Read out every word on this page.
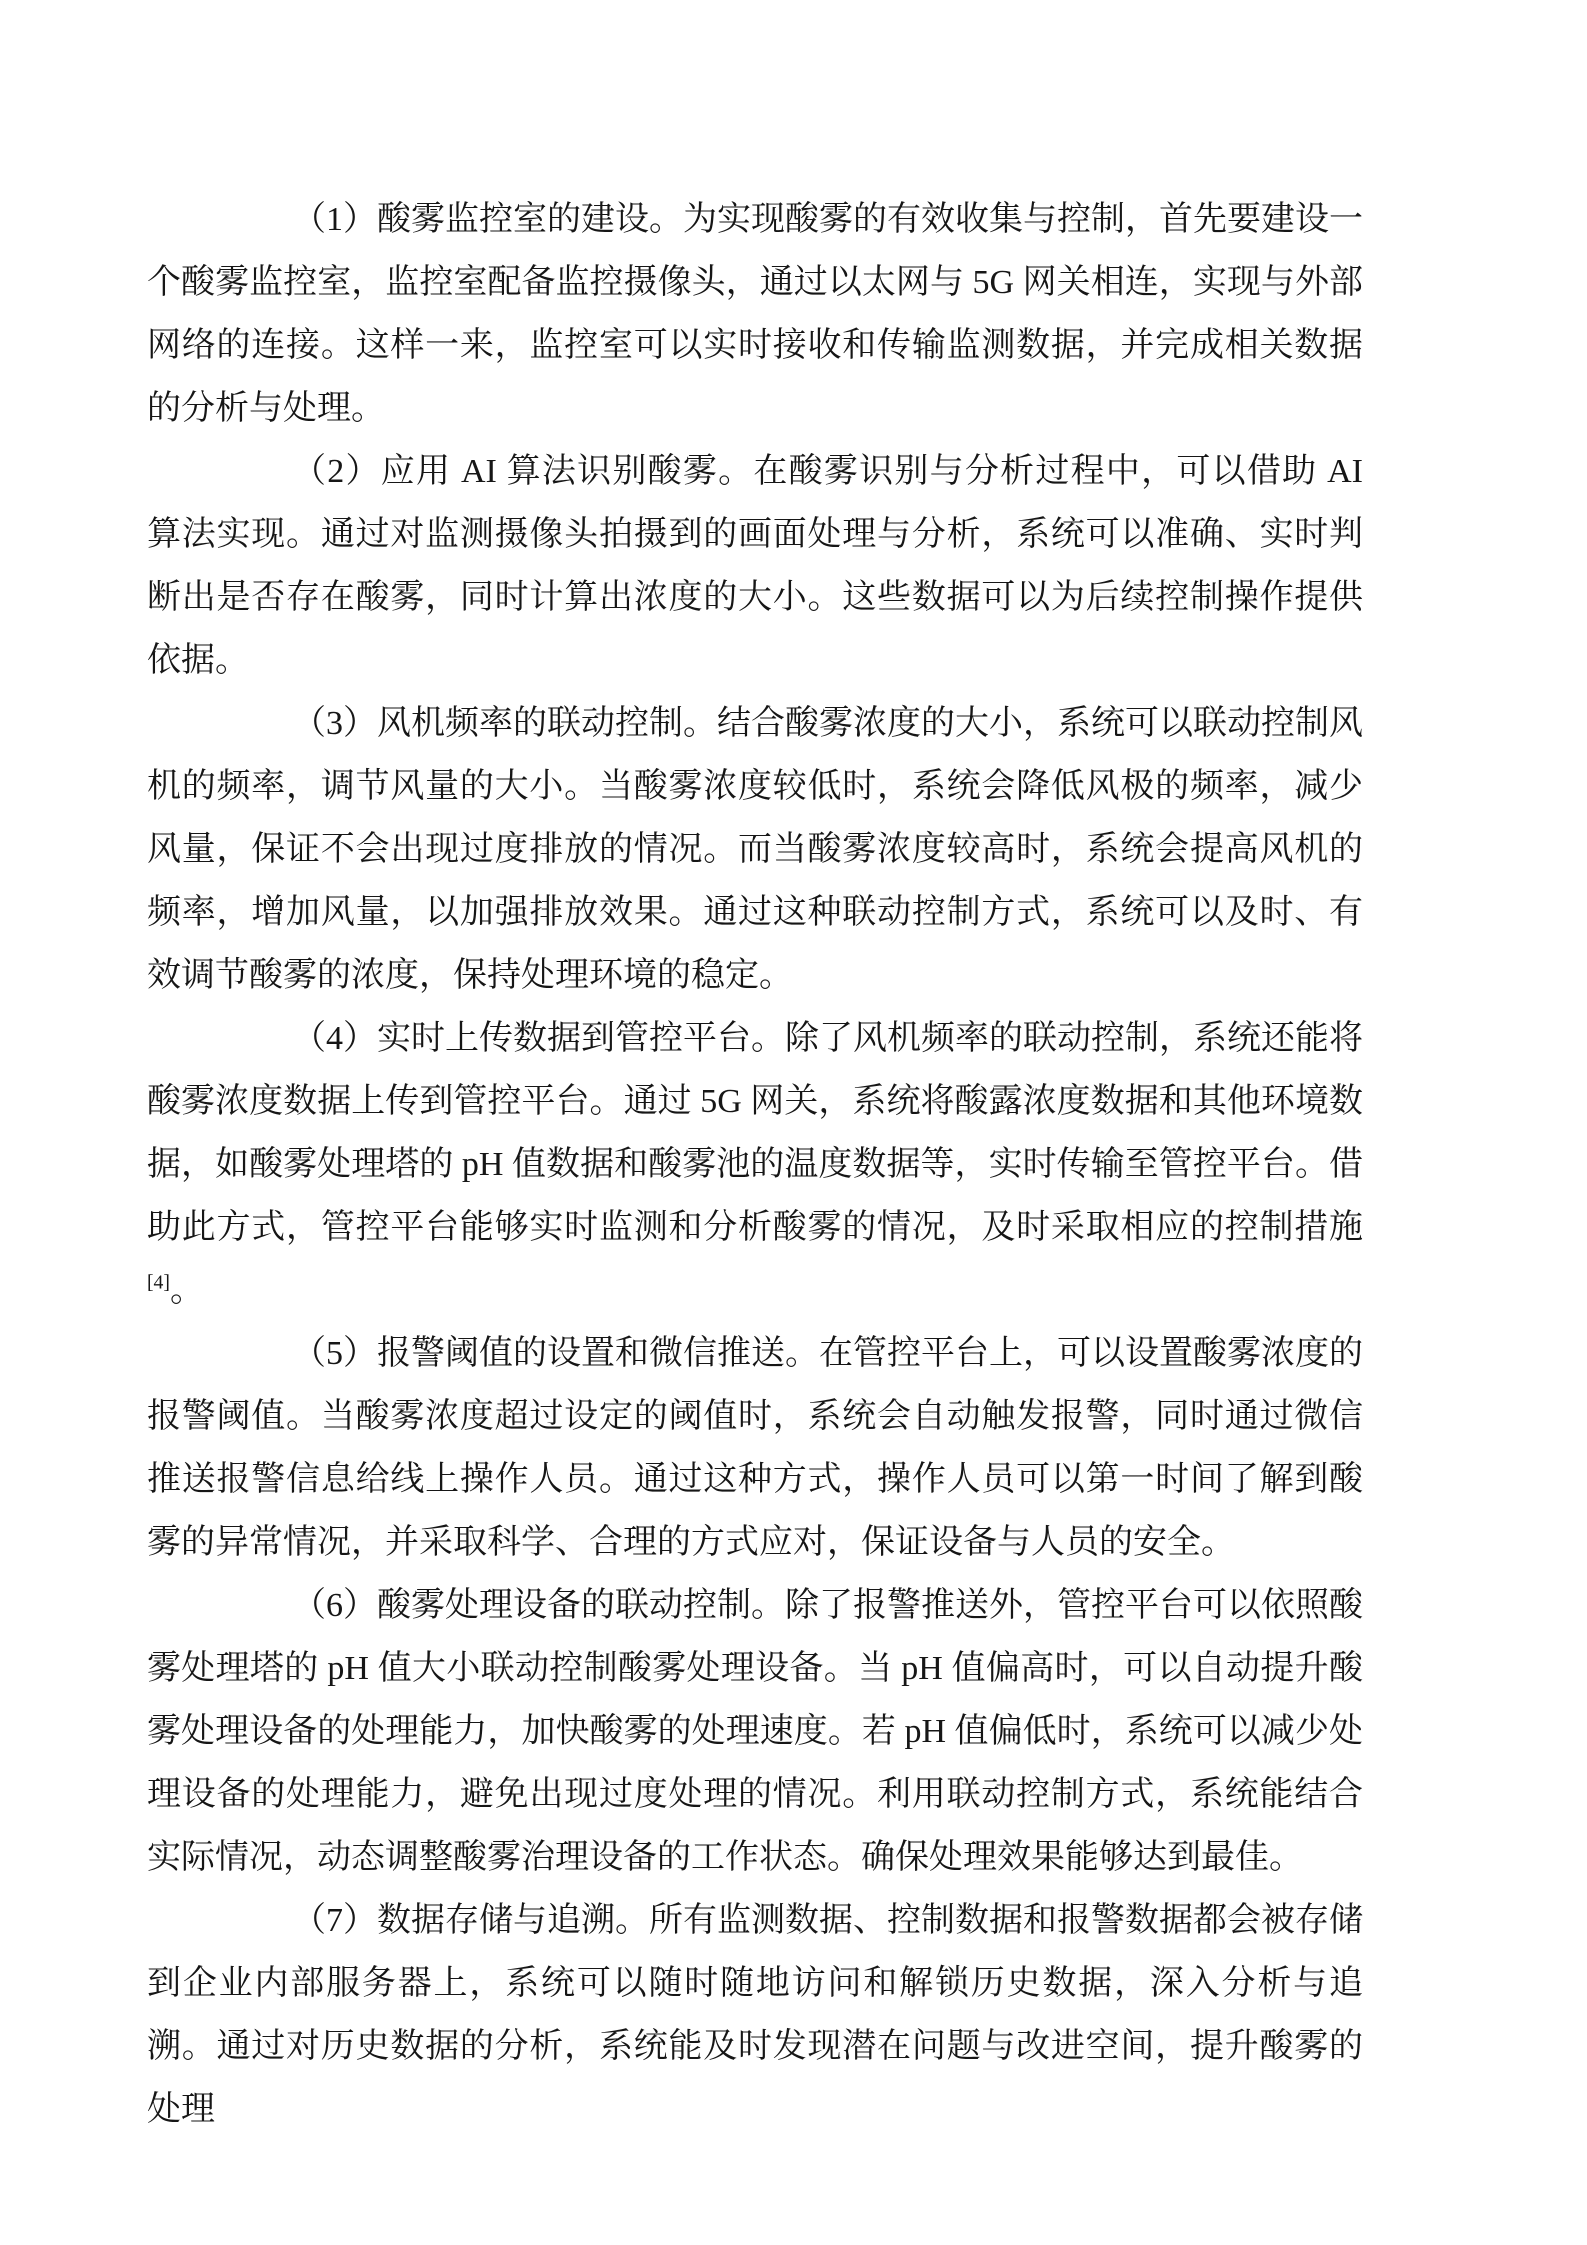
（1）酸雾监控室的建设。为实现酸雾的有效收集与控制，首先要建设一个酸雾监控室，监控室配备监控摄像头，通过以太网与 5G 网关相连，实现与外部网络的连接。这样一来，监控室可以实时接收和传输监测数据，并完成相关数据的分析与处理。

（2）应用 AI 算法识别酸雾。在酸雾识别与分析过程中，可以借助 AI 算法实现。通过对监测摄像头拍摄到的画面处理与分析，系统可以准确、实时判断出是否存在酸雾，同时计算出浓度的大小。这些数据可以为后续控制操作提供依据。

（3）风机频率的联动控制。结合酸雾浓度的大小，系统可以联动控制风机的频率，调节风量的大小。当酸雾浓度较低时，系统会降低风极的频率，减少风量，保证不会出现过度排放的情况。而当酸雾浓度较高时，系统会提高风机的频率，增加风量，以加强排放效果。通过这种联动控制方式，系统可以及时、有效调节酸雾的浓度，保持处理环境的稳定。

（4）实时上传数据到管控平台。除了风机频率的联动控制，系统还能将酸雾浓度数据上传到管控平台。通过 5G 网关，系统将酸露浓度数据和其他环境数据，如酸雾处理塔的 pH 值数据和酸雾池的温度数据等，实时传输至管控平台。借助此方式，管控平台能够实时监测和分析酸雾的情况，及时采取相应的控制措施[4]。

（5）报警阈值的设置和微信推送。在管控平台上，可以设置酸雾浓度的报警阈值。当酸雾浓度超过设定的阈值时，系统会自动触发报警，同时通过微信推送报警信息给线上操作人员。通过这种方式，操作人员可以第一时间了解到酸雾的异常情况，并采取科学、合理的方式应对，保证设备与人员的安全。

（6）酸雾处理设备的联动控制。除了报警推送外，管控平台可以依照酸雾处理塔的 pH 值大小联动控制酸雾处理设备。当 pH 值偏高时，可以自动提升酸雾处理设备的处理能力，加快酸雾的处理速度。若 pH 值偏低时，系统可以减少处理设备的处理能力，避免出现过度处理的情况。利用联动控制方式，系统能结合实际情况，动态调整酸雾治理设备的工作状态。确保处理效果能够达到最佳。

（7）数据存储与追溯。所有监测数据、控制数据和报警数据都会被存储到企业内部服务器上，系统可以随时随地访问和解锁历史数据，深入分析与追溯。通过对历史数据的分析，系统能及时发现潜在问题与改进空间，提升酸雾的处理
